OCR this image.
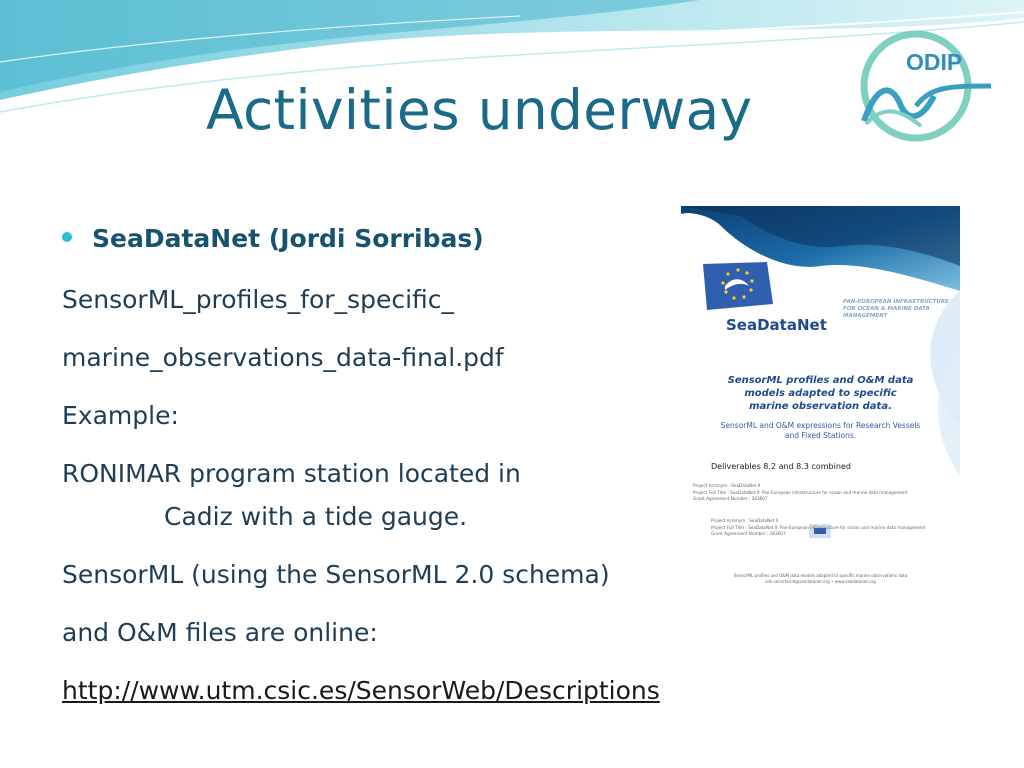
ODIP
Activities underway
SeaDataNet (Jordi Sorribas)
SensorML_profiles_for_specific_
marine_observations_data-final.pdf
Example:
RONIMAR program station located in
Cadiz with a tide gauge.
SensorML (using the SensorML 2.0 schema)
and O&M files are online:
http://www.utm.csic.es/SensorWeb/Descriptions
SeaDataNet
PAN-EUROPEAN INFRASTRUCTURE FOR OCEAN & MARINE DATA MANAGEMENT
SensorML profiles and O&M data
models adapted to specific
marine observation data.
SensorML and O&M expressions for Research Vessels
and Fixed Stations.
Deliverables 8.2 and 8.3 combined
Project Acronym : SeaDataNet II
Project Full Title : SeaDataNet II: Pan-European infrastructure for ocean and marine data management
Grant Agreement Number : 283607
Project Acronym : SeaDataNet II
Project Full Title : SeaDataNet II: Pan-European infrastructure for ocean and marine data management
Grant Agreement Number : 283607
SensorML profiles and O&M data models adapted to specific marine observations data
sdn-secretariat@seadatanet.org • www.seadatanet.org
